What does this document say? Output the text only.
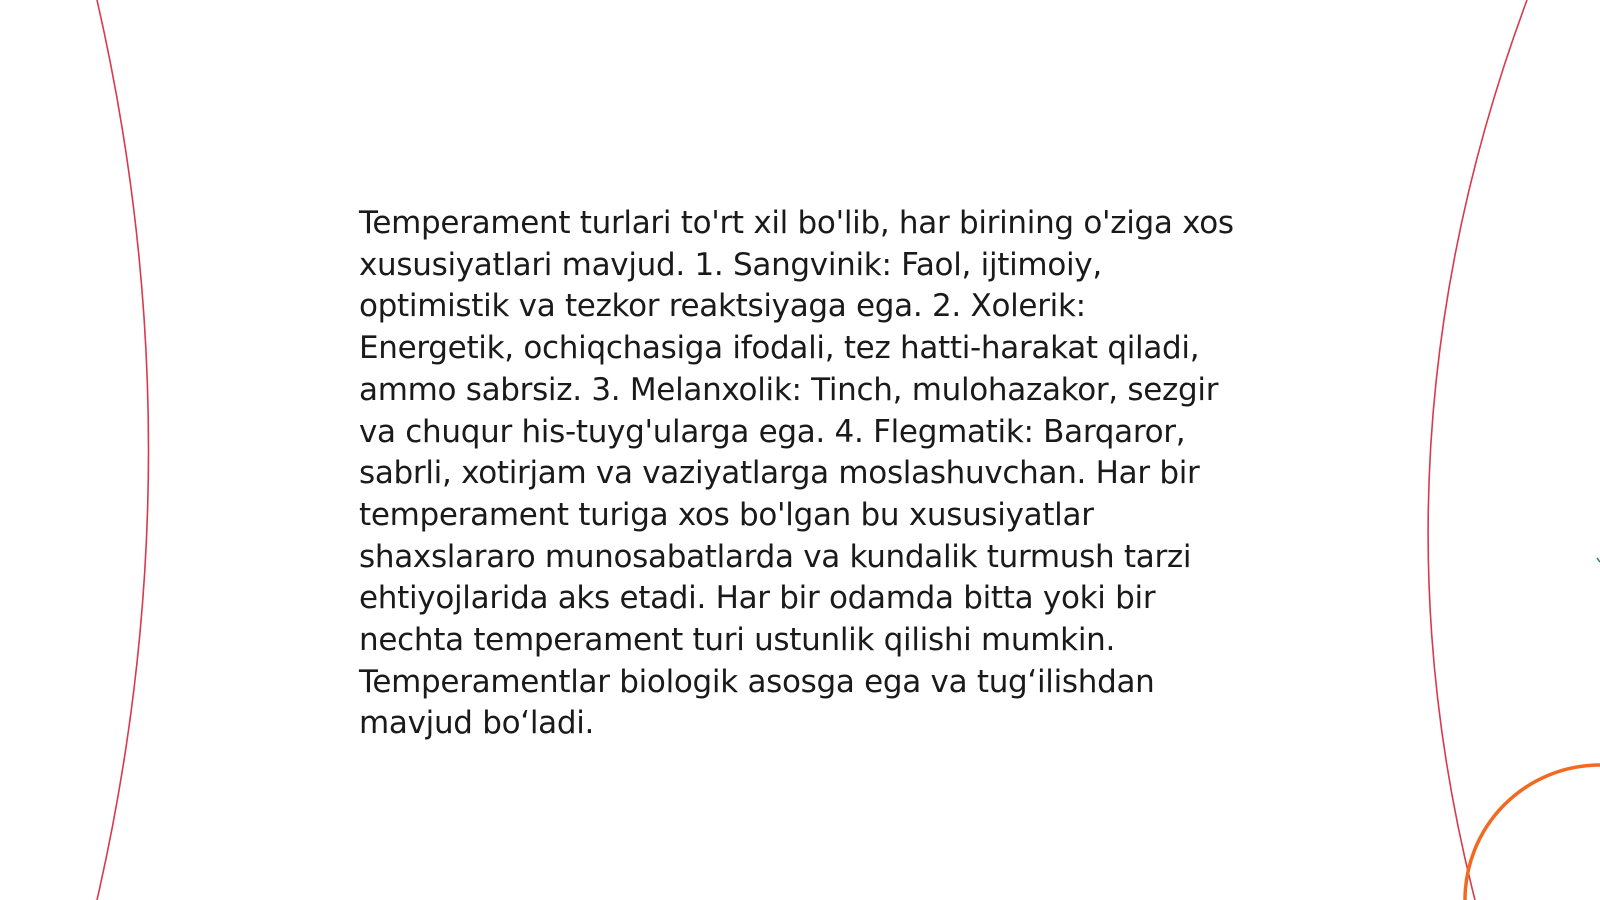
Temperament turlari to'rt xil bo'lib, har birining o'ziga xos xususiyatlari mavjud. 1. Sangvinik: Faol, ijtimoiy, optimistik va tezkor reaktsiyaga ega. 2. Xolerik: Energetik, ochiqchasiga ifodali, tez hatti-harakat qiladi, ammo sabrsiz. 3. Melanxolik: Tinch, mulohazakor, sezgir va chuqur his-tuyg'ularga ega. 4. Flegmatik: Barqaror, sabrli, xotirjam va vaziyatlarga moslashuvchan. Har bir temperament turiga xos bo'lgan bu xususiyatlar shaxslararo munosabatlarda va kundalik turmush tarzi ehtiyojlarida aks etadi. Har bir odamda bitta yoki bir nechta temperament turi ustunlik qilishi mumkin. Temperamentlar biologik asosga ega va tug‘ilishdan mavjud bo‘ladi.
